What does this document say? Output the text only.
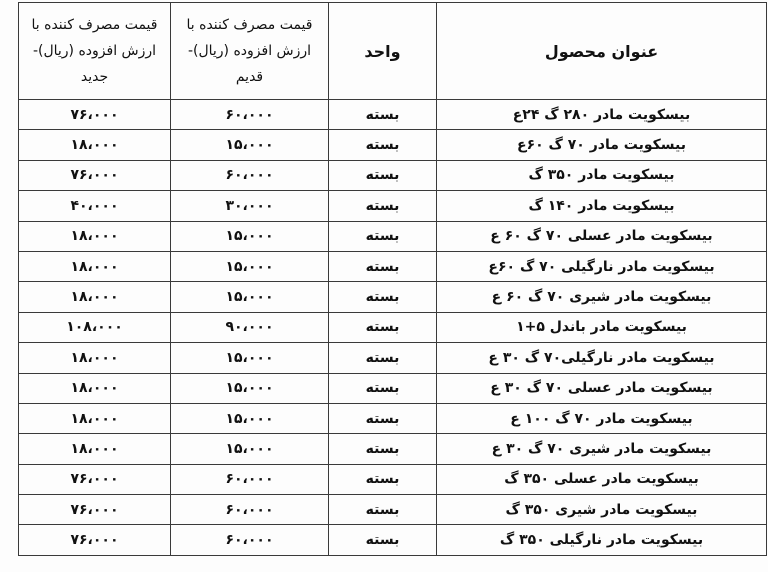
عنوان محصول	واحد	قیمت مصرف کننده با
ارزش افزوده (ریال)-
قدیم	قیمت مصرف کننده با
ارزش افزوده (ریال)-
جدید

بیسکویت مادر ۲۸۰ گ ۲۴ع	بسته	۶۰،۰۰۰	۷۶،۰۰۰
بیسکویت مادر ۷۰ گ ۶۰ع	بسته	۱۵،۰۰۰	۱۸،۰۰۰
بیسکویت مادر ۳۵۰ گ	بسته	۶۰،۰۰۰	۷۶،۰۰۰
بیسکویت مادر ۱۴۰ گ	بسته	۳۰،۰۰۰	۴۰،۰۰۰
بیسکویت مادر عسلی ۷۰ گ ۶۰ ع	بسته	۱۵،۰۰۰	۱۸،۰۰۰
بیسکویت مادر نارگیلی ۷۰ گ ۶۰ع	بسته	۱۵،۰۰۰	۱۸،۰۰۰
بیسکویت مادر شیری ۷۰ گ ۶۰ ع	بسته	۱۵،۰۰۰	۱۸،۰۰۰
بیسکویت مادر باندل ۵+۱	بسته	۹۰،۰۰۰	۱۰۸،۰۰۰
بیسکویت مادر نارگیلی۷۰ گ ۳۰ ع	بسته	۱۵،۰۰۰	۱۸،۰۰۰
بیسکویت مادر عسلی ۷۰ گ ۳۰ ع	بسته	۱۵،۰۰۰	۱۸،۰۰۰
بیسکویت مادر ۷۰ گ ۱۰۰ ع	بسته	۱۵،۰۰۰	۱۸،۰۰۰
بیسکویت مادر شیری ۷۰ گ ۳۰ ع	بسته	۱۵،۰۰۰	۱۸،۰۰۰
بیسکویت مادر عسلی ۳۵۰ گ	بسته	۶۰،۰۰۰	۷۶،۰۰۰
بیسکویت مادر شیری ۳۵۰ گ	بسته	۶۰،۰۰۰	۷۶،۰۰۰
بیسکویت مادر نارگیلی ۳۵۰ گ	بسته	۶۰،۰۰۰	۷۶،۰۰۰
